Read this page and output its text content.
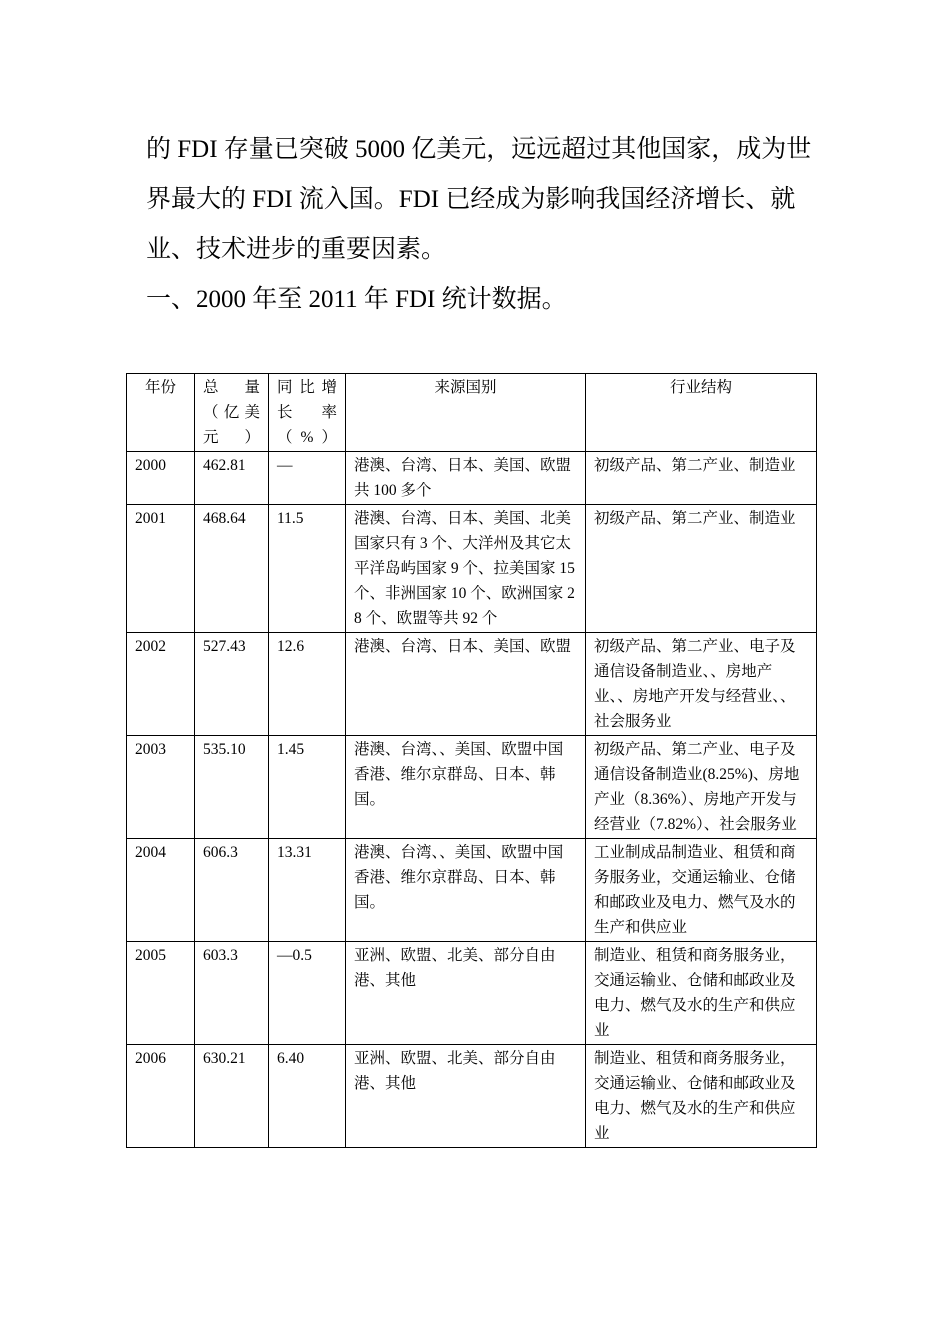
的 FDI 存量已突破 5000 亿美元，远远超过其他国家，成为世界最大的 FDI 流入国。FDI 已经成为影响我国经济增长、就业、技术进步的重要因素。

一、2000 年至 2011 年 FDI 统计数据。

年份	总 量（亿美元）	同比增长率（%）	来源国别	行业结构
2000	462.81	—	港澳、台湾、日本、美国、欧盟共 100 多个	初级产品、第二产业、制造业
2001	468.64	11.5	港澳、台湾、日本、美国、北美国家只有 3 个、大洋州及其它太平洋岛屿国家 9 个、拉美国家 15 个、非洲国家 10 个、欧洲国家 28 个、欧盟等共 92 个	初级产品、第二产业、制造业
2002	527.43	12.6	港澳、台湾、日本、美国、欧盟	初级产品、第二产业、电子及通信设备制造业、、房地产业、、房地产开发与经营业、、社会服务业
2003	535.10	1.45	港澳、台湾、、美国、欧盟中国香港、维尔京群岛、日本、韩国。	初级产品、第二产业、电子及通信设备制造业(8.25%)、房地产业（8.36%）、房地产开发与经营业（7.82%）、社会服务业
2004	606.3	13.31	港澳、台湾、、美国、欧盟中国香港、维尔京群岛、日本、韩国。	工业制成品制造业、租赁和商务服务业，交通运输业、仓储和邮政业及电力、燃气及水的生产和供应业
2005	603.3	—0.5	亚洲、欧盟、北美、部分自由港、其他	制造业、租赁和商务服务业，交通运输业、仓储和邮政业及电力、燃气及水的生产和供应业
2006	630.21	6.40	亚洲、欧盟、北美、部分自由港、其他	制造业、租赁和商务服务业，交通运输业、仓储和邮政业及电力、燃气及水的生产和供应业
